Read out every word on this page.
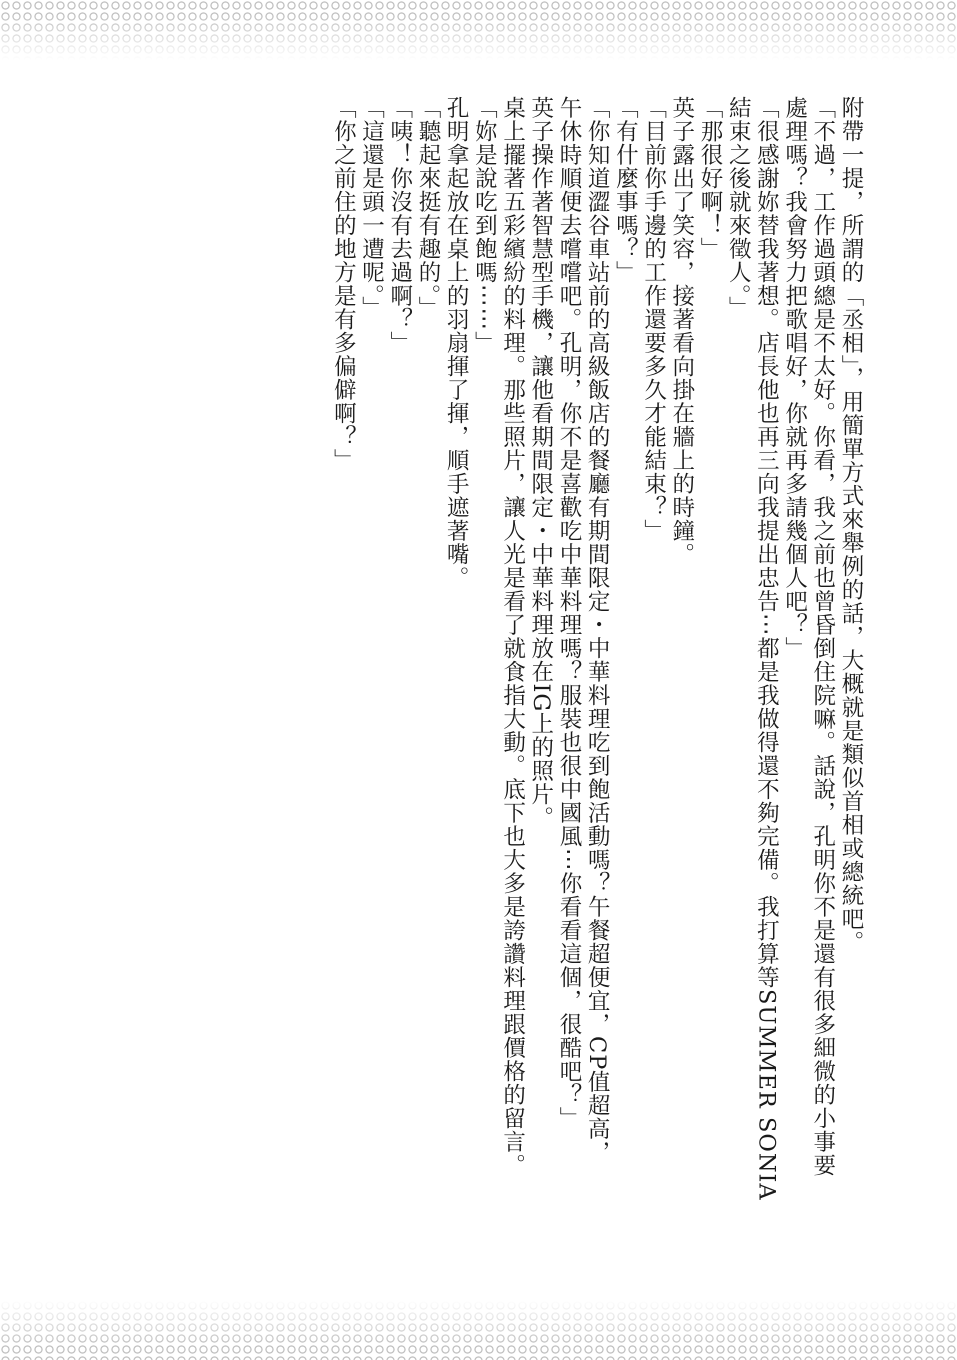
附帶一提，所謂的「丞相」，用簡單方式來舉例的話，大概就是類似首相或總統吧。

「不過，工作過頭總是不太好。你看，我之前也曾昏倒住院嘛。話說，孔明你不是還有很多細微的小事要

處理嗎？我會努力把歌唱好，你就再多請幾個人吧？」

「很感謝妳替我著想。店長他也再三向我提出忠告⋯都是我做得還不夠完備。我打算等SUMMER SONIA

結束之後就來徵人。」

「那很好啊！」

英子露出了笑容，接著看向掛在牆上的時鐘。

「目前你手邊的工作還要多久才能結束？」

「有什麼事嗎？」

「你知道澀谷車站前的高級飯店的餐廳有期間限定・中華料理吃到飽活動嗎？午餐超便宜，CP值超高，

午休時順便去嚐嚐吧。孔明，你不是喜歡吃中華料理嗎？服裝也很中國風⋯你看看這個，很酷吧？」

英子操作著智慧型手機，讓他看期間限定・中華料理放在IG上的照片。

桌上擺著五彩繽紛的料理。那些照片，讓人光是看了就食指大動。底下也大多是誇讚料理跟價格的留言。

「妳是說吃到飽嗎⋯⋯」

孔明拿起放在桌上的羽扇揮了揮，順手遮著嘴。

「聽起來挺有趣的。」

「咦！你沒有去過啊？」

「這還是頭一遭呢。」

「你之前住的地方是有多偏僻啊？」
